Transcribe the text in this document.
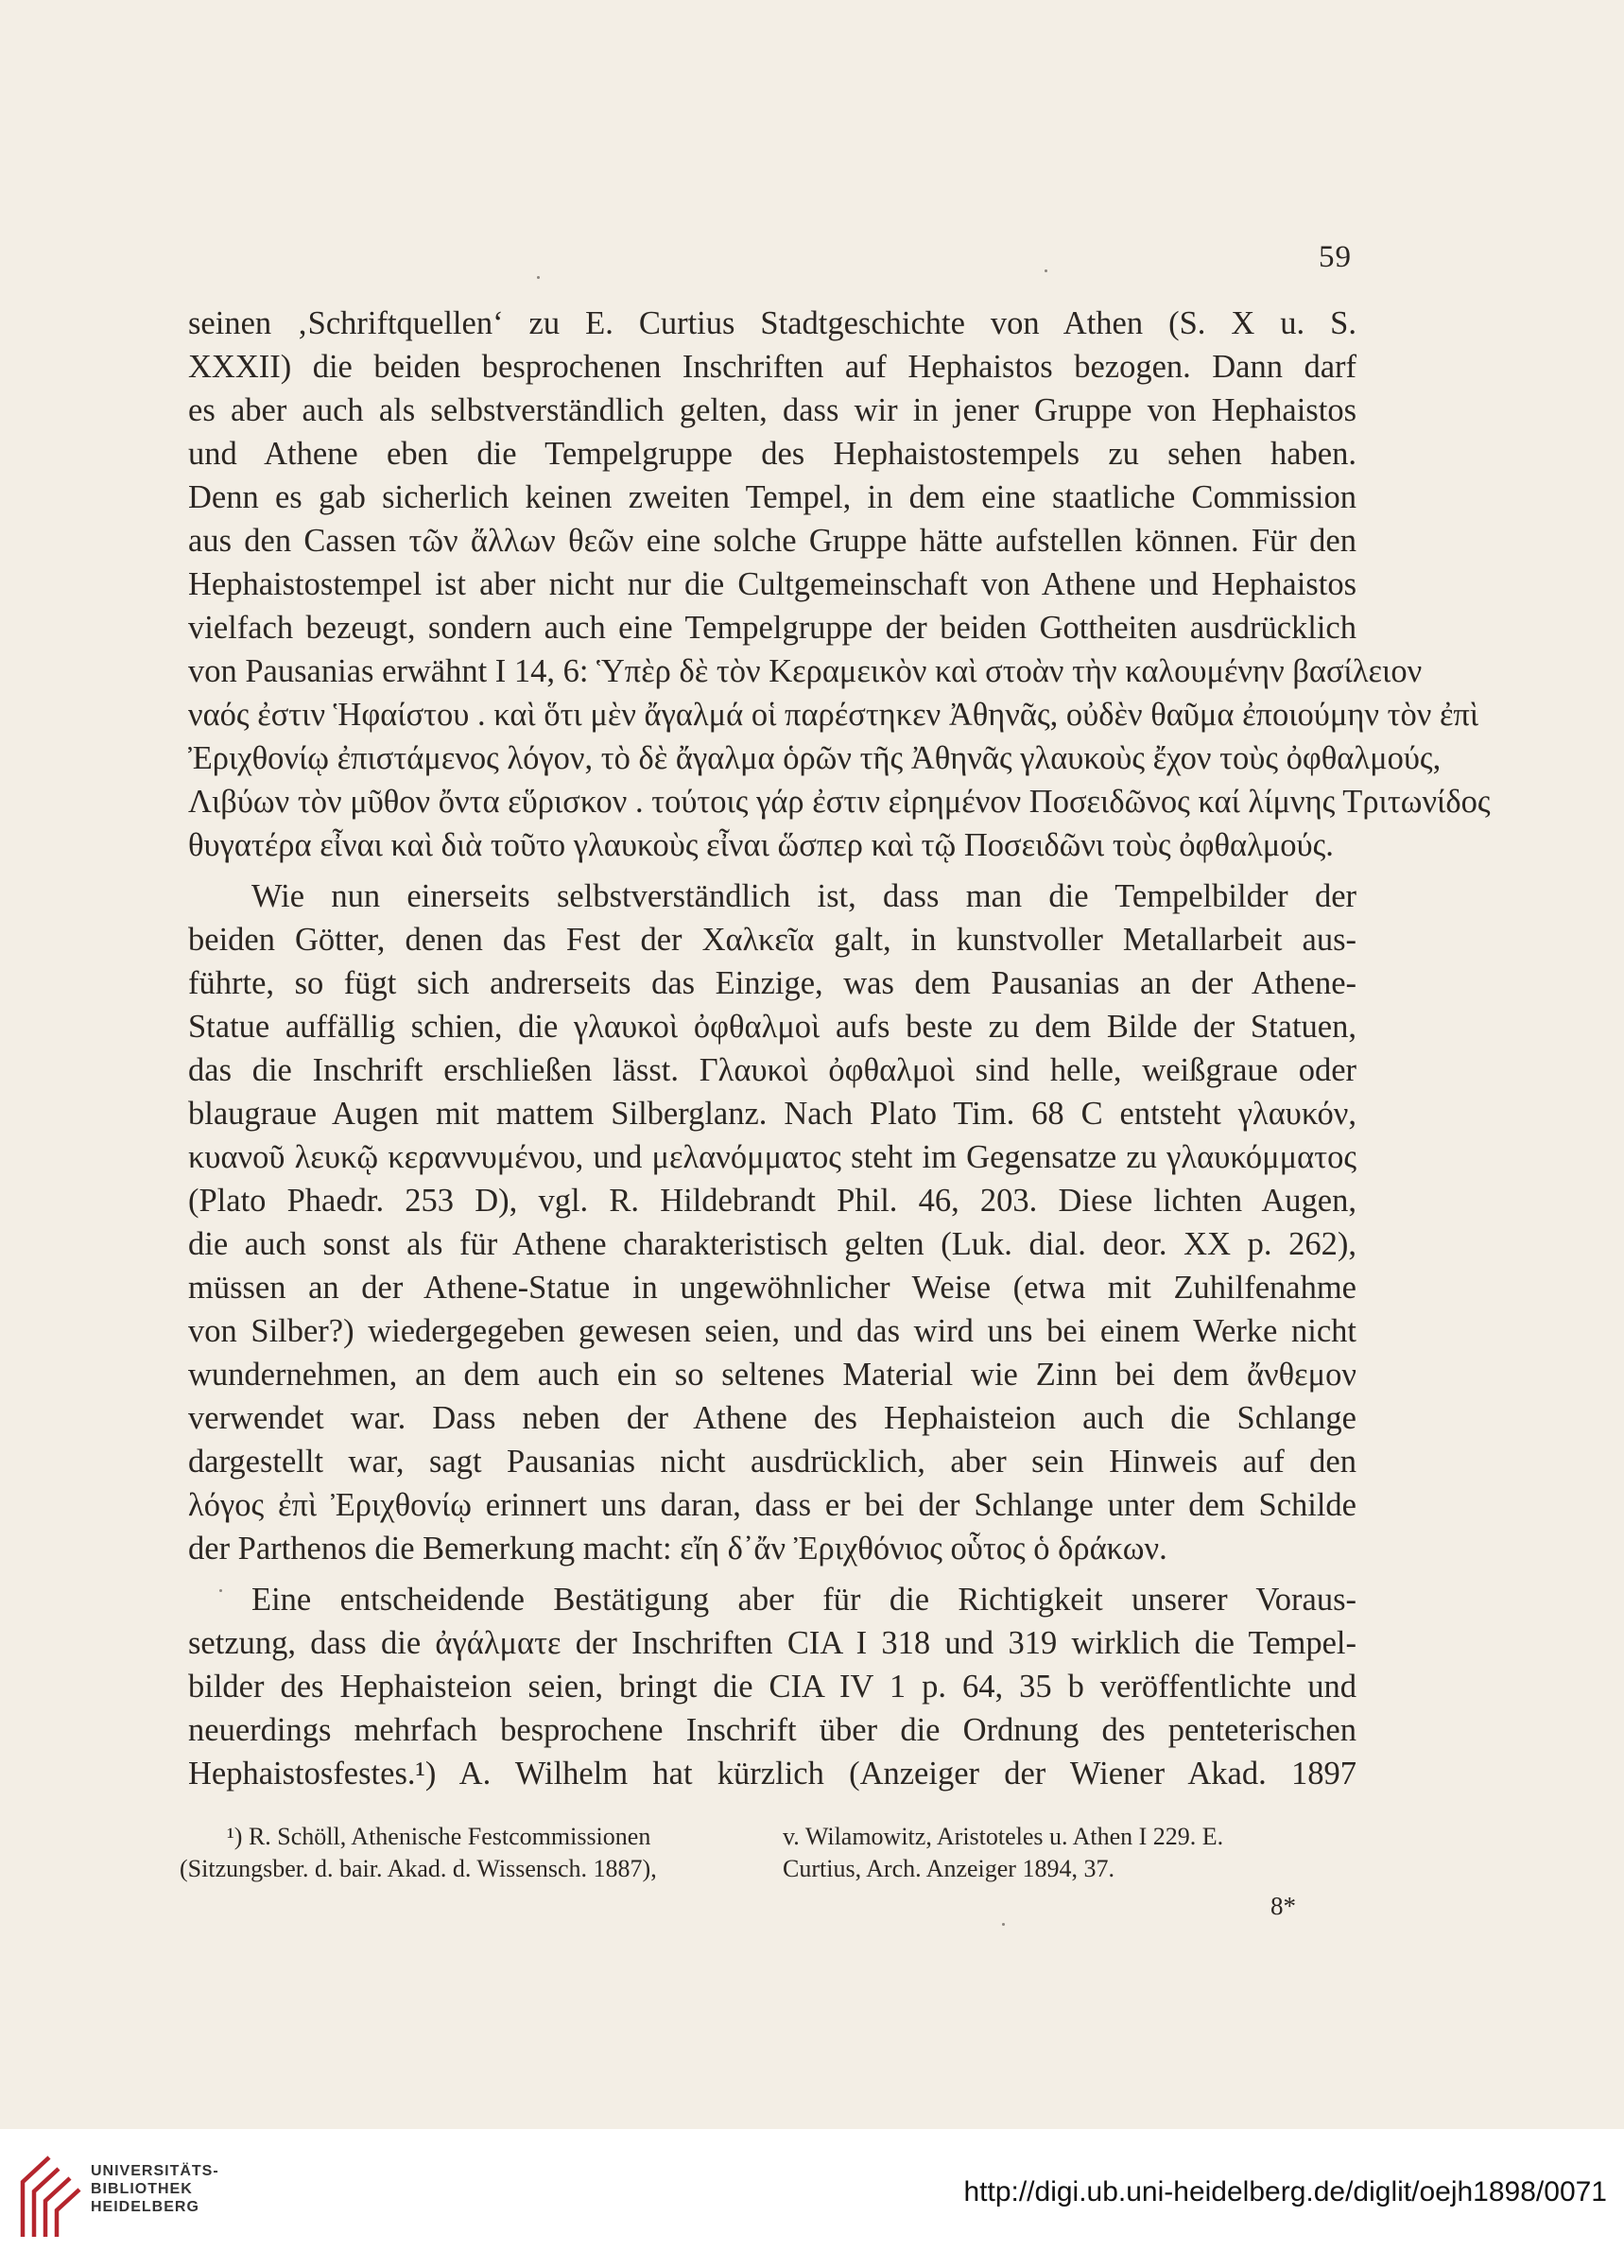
59
seinen ‚Schriftquellen‘ zu E. Curtius Stadtgeschichte von Athen (S. X u. S.
XXXII) die beiden besprochenen Inschriften auf Hephaistos bezogen. Dann darf
es aber auch als selbstverständlich gelten, dass wir in jener Gruppe von Hephaistos
und Athene eben die Tempelgruppe des Hephaistostempels zu sehen haben.
Denn es gab sicherlich keinen zweiten Tempel, in dem eine staatliche Commission
aus den Cassen τῶν ἄλλων θεῶν eine solche Gruppe hätte aufstellen können. Für den
Hephaistostempel ist aber nicht nur die Cultgemeinschaft von Athene und Hephaistos
vielfach bezeugt, sondern auch eine Tempelgruppe der beiden Gottheiten ausdrücklich
von Pausanias erwähnt I 14, 6: Ὑπὲρ δὲ τὸν Κεραμεικὸν καὶ στοὰν τὴν καλουμένην βασίλειον
ναός ἐστιν Ἡφαίστου . καὶ ὅτι μὲν ἄγαλμά οἱ παρέστηκεν Ἀθηνᾶς, οὐδὲν θαῦμα ἐποιούμην τὸν ἐπὶ
Ἐριχθονίῳ ἐπιστάμενος λόγον, τὸ δὲ ἄγαλμα ὁρῶν τῆς Ἀθηνᾶς γλαυκοὺς ἔχον τοὺς ὀφθαλμούς,
Λιβύων τὸν μῦθον ὄντα εὕρισκον . τούτοις γάρ ἐστιν εἰρημένον Ποσειδῶνος καί λίμνης Τριτωνίδος
θυγατέρα εἶναι καὶ διὰ τοῦτο γλαυκοὺς εἶναι ὥσπερ καὶ τῷ Ποσειδῶνι τοὺς ὀφθαλμούς.
Wie nun einerseits selbstverständlich ist, dass man die Tempelbilder der
beiden Götter, denen das Fest der Χαλκεῖα galt, in kunstvoller Metallarbeit aus-
führte, so fügt sich andrerseits das Einzige, was dem Pausanias an der Athene-
Statue auffällig schien, die γλαυκοὶ ὀφθαλμοὶ aufs beste zu dem Bilde der Statuen,
das die Inschrift erschließen lässt. Γλαυκοὶ ὀφθαλμοὶ sind helle, weißgraue oder
blaugraue Augen mit mattem Silberglanz. Nach Plato Tim. 68 C entsteht γλαυκόν,
κυανοῦ λευκῷ κεραννυμένου, und μελανόμματος steht im Gegensatze zu γλαυκόμματος
(Plato Phaedr. 253 D), vgl. R. Hildebrandt Phil. 46, 203. Diese lichten Augen,
die auch sonst als für Athene charakteristisch gelten (Luk. dial. deor. XX p. 262),
müssen an der Athene-Statue in ungewöhnlicher Weise (etwa mit Zuhilfenahme
von Silber?) wiedergegeben gewesen seien, und das wird uns bei einem Werke nicht
wundernehmen, an dem auch ein so seltenes Material wie Zinn bei dem ἄνθεμον
verwendet war. Dass neben der Athene des Hephaisteion auch die Schlange
dargestellt war, sagt Pausanias nicht ausdrücklich, aber sein Hinweis auf den
λόγος ἐπὶ Ἐριχθονίῳ erinnert uns daran, dass er bei der Schlange unter dem Schilde
der Parthenos die Bemerkung macht: εἴη δ᾽ἄν Ἐριχθόνιος οὗτος ὁ δράκων.
Eine entscheidende Bestätigung aber für die Richtigkeit unserer Voraus-
setzung, dass die ἀγάλματε der Inschriften CIA I 318 und 319 wirklich die Tempel-
bilder des Hephaisteion seien, bringt die CIA IV 1 p. 64, 35 b veröffentlichte und
neuerdings mehrfach besprochene Inschrift über die Ordnung des penteterischen
Hephaistosfestes.¹) A. Wilhelm hat kürzlich (Anzeiger der Wiener Akad. 1897
¹) R. Schöll, Athenische Festcommissionen
(Sitzungsber. d. bair. Akad. d. Wissensch. 1887),
v. Wilamowitz, Aristoteles u. Athen I 229. E.
Curtius, Arch. Anzeiger 1894, 37.
8*
UNIVERSITÄTS-
BIBLIOTHEK
HEIDELBERG	http://digi.ub.uni-heidelberg.de/diglit/oejh1898/0071
